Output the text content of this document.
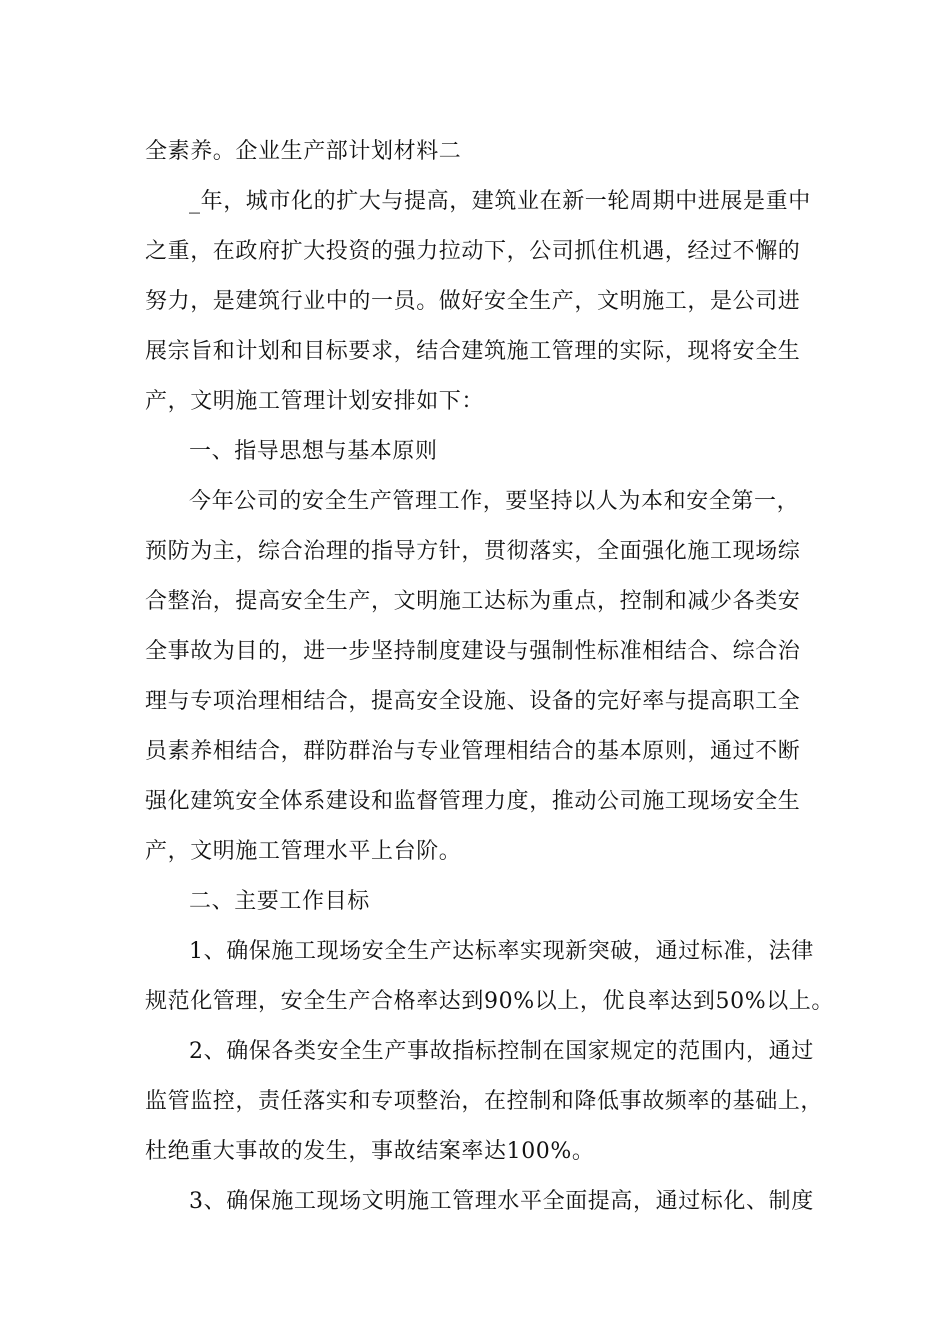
全素养。企业生产部计划材料二
_年，城市化的扩大与提高，建筑业在新一轮周期中进展是重中
之重，在政府扩大投资的强力拉动下，公司抓住机遇，经过不懈的
努力，是建筑行业中的一员。做好安全生产，文明施工，是公司进
展宗旨和计划和目标要求，结合建筑施工管理的实际，现将安全生
产，文明施工管理计划安排如下：
一、指导思想与基本原则
今年公司的安全生产管理工作，要坚持以人为本和安全第一，
预防为主，综合治理的指导方针，贯彻落实，全面强化施工现场综
合整治，提高安全生产，文明施工达标为重点，控制和减少各类安
全事故为目的，进一步坚持制度建设与强制性标准相结合、综合治
理与专项治理相结合，提高安全设施、设备的完好率与提高职工全
员素养相结合，群防群治与专业管理相结合的基本原则，通过不断
强化建筑安全体系建设和监督管理力度，推动公司施工现场安全生
产，文明施工管理水平上台阶。
二、主要工作目标
1、确保施工现场安全生产达标率实现新突破，通过标准，法律
规范化管理，安全生产合格率达到90%以上，优良率达到50%以上。
2、确保各类安全生产事故指标控制在国家规定的范围内，通过
监管监控，责任落实和专项整治，在控制和降低事故频率的基础上，
杜绝重大事故的发生，事故结案率达100%。
3、确保施工现场文明施工管理水平全面提高，通过标化、制度
